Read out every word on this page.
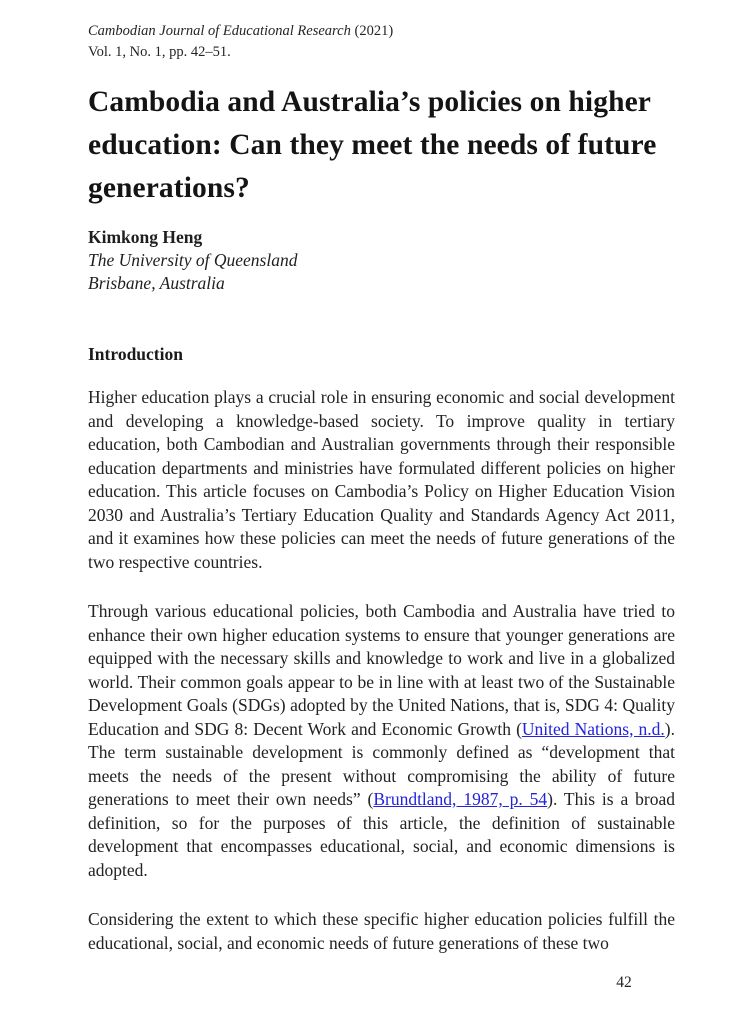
Cambodian Journal of Educational Research (2021)
Vol. 1, No. 1, pp. 42–51.
Cambodia and Australia’s policies on higher education: Can they meet the needs of future generations?
Kimkong Heng
The University of Queensland
Brisbane, Australia
Introduction

Higher education plays a crucial role in ensuring economic and social development and developing a knowledge-based society. To improve quality in tertiary education, both Cambodian and Australian governments through their responsible education departments and ministries have formulated different policies on higher education. This article focuses on Cambodia’s Policy on Higher Education Vision 2030 and Australia’s Tertiary Education Quality and Standards Agency Act 2011, and it examines how these policies can meet the needs of future generations of the two respective countries.

Through various educational policies, both Cambodia and Australia have tried to enhance their own higher education systems to ensure that younger generations are equipped with the necessary skills and knowledge to work and live in a globalized world. Their common goals appear to be in line with at least two of the Sustainable Development Goals (SDGs) adopted by the United Nations, that is, SDG 4: Quality Education and SDG 8: Decent Work and Economic Growth (United Nations, n.d.). The term sustainable development is commonly defined as “development that meets the needs of the present without compromising the ability of future generations to meet their own needs” (Brundtland, 1987, p. 54). This is a broad definition, so for the purposes of this article, the definition of sustainable development that encompasses educational, social, and economic dimensions is adopted.

Considering the extent to which these specific higher education policies fulfill the educational, social, and economic needs of future generations of these two

42
